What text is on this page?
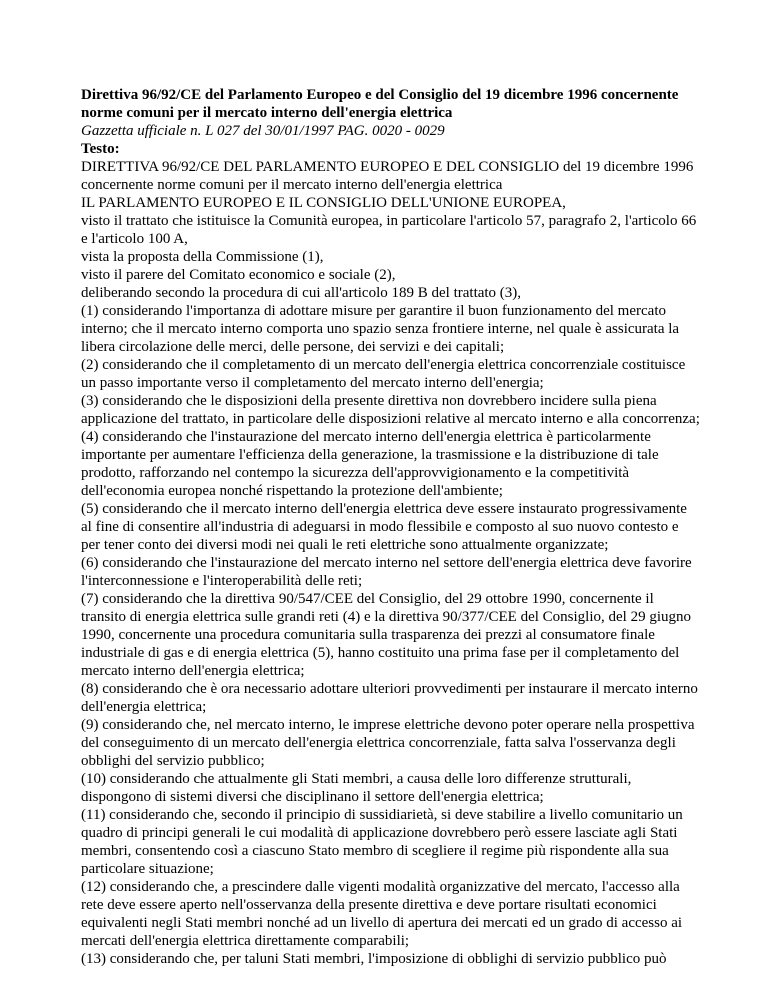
Direttiva 96/92/CE del Parlamento Europeo e del Consiglio del 19 dicembre 1996 concernente

norme comuni per il mercato interno dell'energia elettrica

Gazzetta ufficiale n. L 027 del 30/01/1997 PAG. 0020 - 0029

Testo:

DIRETTIVA 96/92/CE DEL PARLAMENTO EUROPEO E DEL CONSIGLIO del 19 dicembre 1996

concernente norme comuni per il mercato interno dell'energia elettrica

IL PARLAMENTO EUROPEO E IL CONSIGLIO DELL'UNIONE EUROPEA,

visto il trattato che istituisce la Comunità europea, in particolare l'articolo 57, paragrafo 2, l'articolo 66

e l'articolo 100 A,

vista la proposta della Commissione (1),

visto il parere del Comitato economico e sociale (2),

deliberando secondo la procedura di cui all'articolo 189 B del trattato (3),

(1) considerando l'importanza di adottare misure per garantire il buon funzionamento del mercato

interno; che il mercato interno comporta uno spazio senza frontiere interne, nel quale è assicurata la

libera circolazione delle merci, delle persone, dei servizi e dei capitali;

(2) considerando che il completamento di un mercato dell'energia elettrica concorrenziale costituisce

un passo importante verso il completamento del mercato interno dell'energia;

(3) considerando che le disposizioni della presente direttiva non dovrebbero incidere sulla piena

applicazione del trattato, in particolare delle disposizioni relative al mercato interno e alla concorrenza;

(4) considerando che l'instaurazione del mercato interno dell'energia elettrica è particolarmente

importante per aumentare l'efficienza della generazione, la trasmissione e la distribuzione di tale

prodotto, rafforzando nel contempo la sicurezza dell'approvvigionamento e la competitività

dell'economia europea nonché rispettando la protezione dell'ambiente;

(5) considerando che il mercato interno dell'energia elettrica deve essere instaurato progressivamente

al fine di consentire all'industria di adeguarsi in modo flessibile e composto al suo nuovo contesto e

per tener conto dei diversi modi nei quali le reti elettriche sono attualmente organizzate;

(6) considerando che l'instaurazione del mercato interno nel settore dell'energia elettrica deve favorire

l'interconnessione e l'interoperabilità delle reti;

(7) considerando che la direttiva 90/547/CEE del Consiglio, del 29 ottobre 1990, concernente il

transito di energia elettrica sulle grandi reti (4) e la direttiva 90/377/CEE del Consiglio, del 29 giugno

1990, concernente una procedura comunitaria sulla trasparenza dei prezzi al consumatore finale

industriale di gas e di energia elettrica (5), hanno costituito una prima fase per il completamento del

mercato interno dell'energia elettrica;

(8) considerando che è ora necessario adottare ulteriori provvedimenti per instaurare il mercato interno

dell'energia elettrica;

(9) considerando che, nel mercato interno, le imprese elettriche devono poter operare nella prospettiva

del conseguimento di un mercato dell'energia elettrica concorrenziale, fatta salva l'osservanza degli

obblighi del servizio pubblico;

(10) considerando che attualmente gli Stati membri, a causa delle loro differenze strutturali,

dispongono di sistemi diversi che disciplinano il settore dell'energia elettrica;

(11) considerando che, secondo il principio di sussidiarietà, si deve stabilire a livello comunitario un

quadro di principi generali le cui modalità di applicazione dovrebbero però essere lasciate agli Stati

membri, consentendo così a ciascuno Stato membro di scegliere il regime più rispondente alla sua

particolare situazione;

(12) considerando che, a prescindere dalle vigenti modalità organizzative del mercato, l'accesso alla

rete deve essere aperto nell'osservanza della presente direttiva e deve portare risultati economici

equivalenti negli Stati membri nonché ad un livello di apertura dei mercati ed un grado di accesso ai

mercati dell'energia elettrica direttamente comparabili;

(13) considerando che, per taluni Stati membri, l'imposizione di obblighi di servizio pubblico può
